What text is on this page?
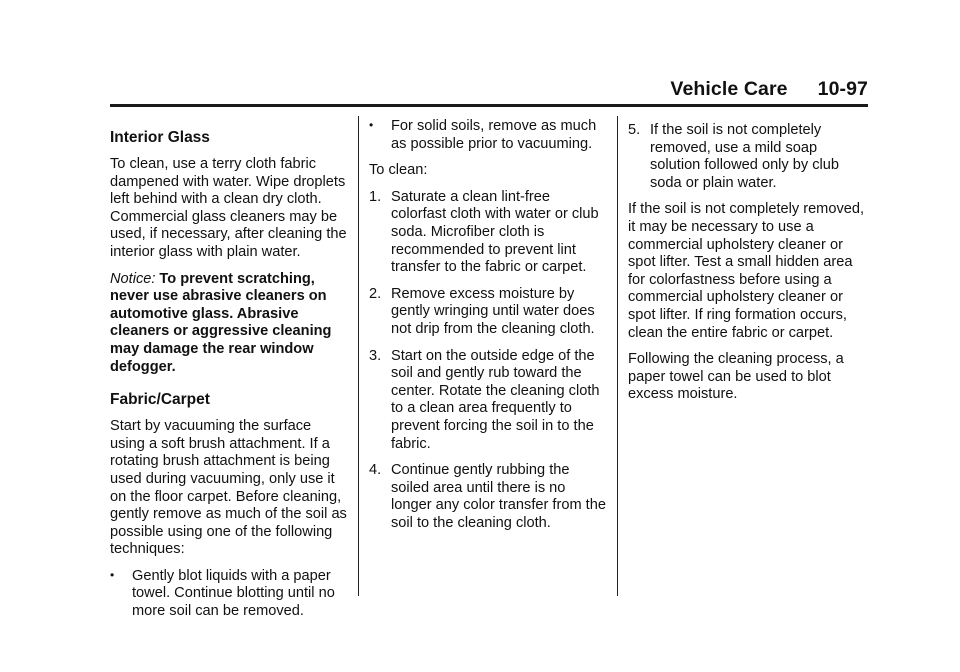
Vehicle Care 10-97
Interior Glass

To clean, use a terry cloth fabric dampened with water. Wipe droplets left behind with a clean dry cloth. Commercial glass cleaners may be used, if necessary, after cleaning the interior glass with plain water.

Notice: To prevent scratching, never use abrasive cleaners on automotive glass. Abrasive cleaners or aggressive cleaning may damage the rear window defogger.

Fabric/Carpet

Start by vacuuming the surface using a soft brush attachment. If a rotating brush attachment is being used during vacuuming, only use it on the floor carpet. Before cleaning, gently remove as much of the soil as possible using one of the following techniques:

• Gently blot liquids with a paper towel. Continue blotting until no more soil can be removed.
• For solid soils, remove as much as possible prior to vacuuming.

To clean:

1. Saturate a clean lint-free colorfast cloth with water or club soda. Microfiber cloth is recommended to prevent lint transfer to the fabric or carpet.
2. Remove excess moisture by gently wringing until water does not drip from the cleaning cloth.
3. Start on the outside edge of the soil and gently rub toward the center. Rotate the cleaning cloth to a clean area frequently to prevent forcing the soil in to the fabric.
4. Continue gently rubbing the soiled area until there is no longer any color transfer from the soil to the cleaning cloth.
5. If the soil is not completely removed, use a mild soap solution followed only by club soda or plain water.

If the soil is not completely removed, it may be necessary to use a commercial upholstery cleaner or spot lifter. Test a small hidden area for colorfastness before using a commercial upholstery cleaner or spot lifter. If ring formation occurs, clean the entire fabric or carpet.

Following the cleaning process, a paper towel can be used to blot excess moisture.
